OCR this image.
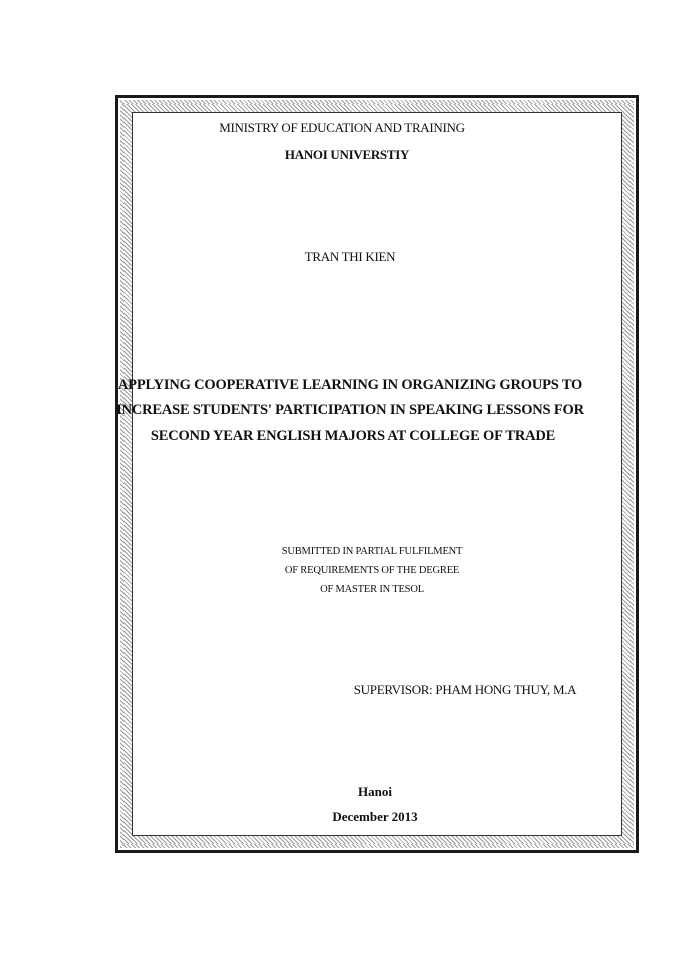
MINISTRY OF EDUCATION AND TRAINING
HANOI UNIVERSTIY
TRAN THI KIEN
APPLYING COOPERATIVE LEARNING IN ORGANIZING GROUPS TO
INCREASE STUDENTS' PARTICIPATION IN SPEAKING LESSONS FOR
SECOND YEAR ENGLISH MAJORS AT COLLEGE OF TRADE
SUBMITTED IN PARTIAL FULFILMENT
OF REQUIREMENTS OF THE DEGREE
OF MASTER IN TESOL
SUPERVISOR: PHAM HONG THUY, M.A
Hanoi
December 2013
